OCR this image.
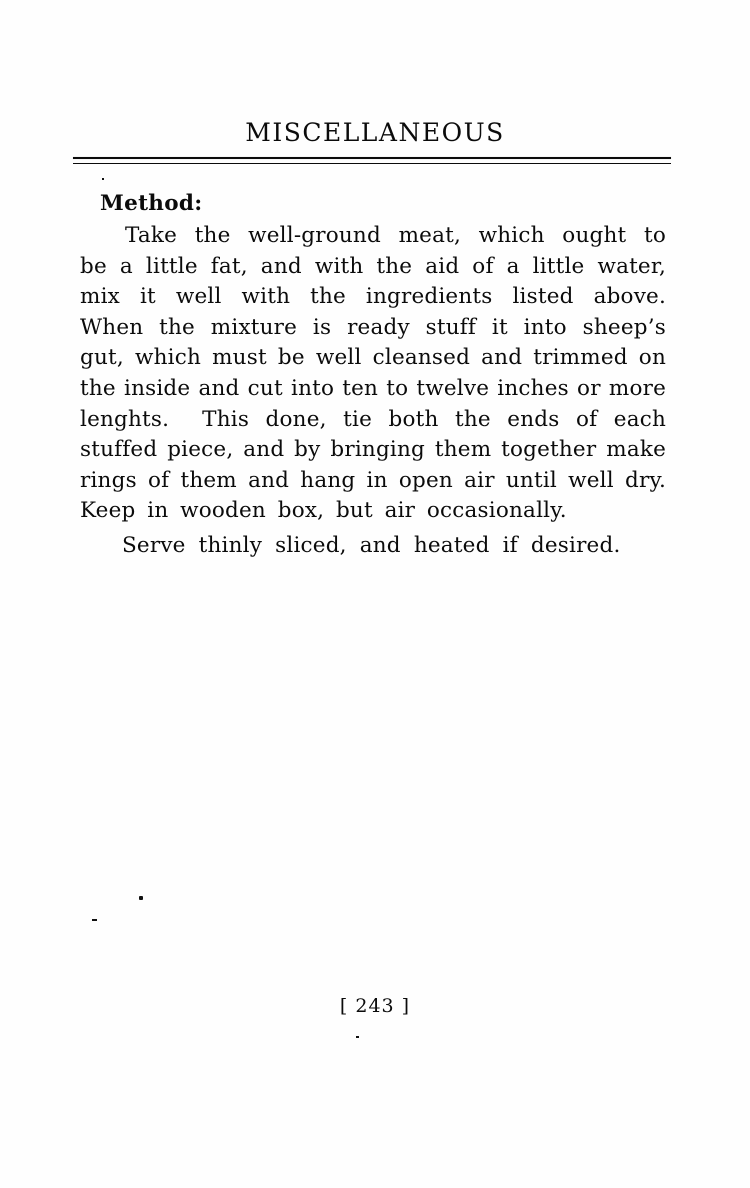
MISCELLANEOUS
Method:
Take the well-ground meat, which ought to
be a little fat, and with the aid of a little water,
mix it well with the ingredients listed above.
When the mixture is ready stuff it into sheep’s
gut, which must be well cleansed and trimmed on
the inside and cut into ten to twelve inches or more
lenghts.  This done, tie both the ends of each
stuffed piece, and by bringing them together make
rings of them and hang in open air until well dry.
Keep in wooden box, but air occasionally.
Serve thinly sliced, and heated if desired.
[ 243 ]
